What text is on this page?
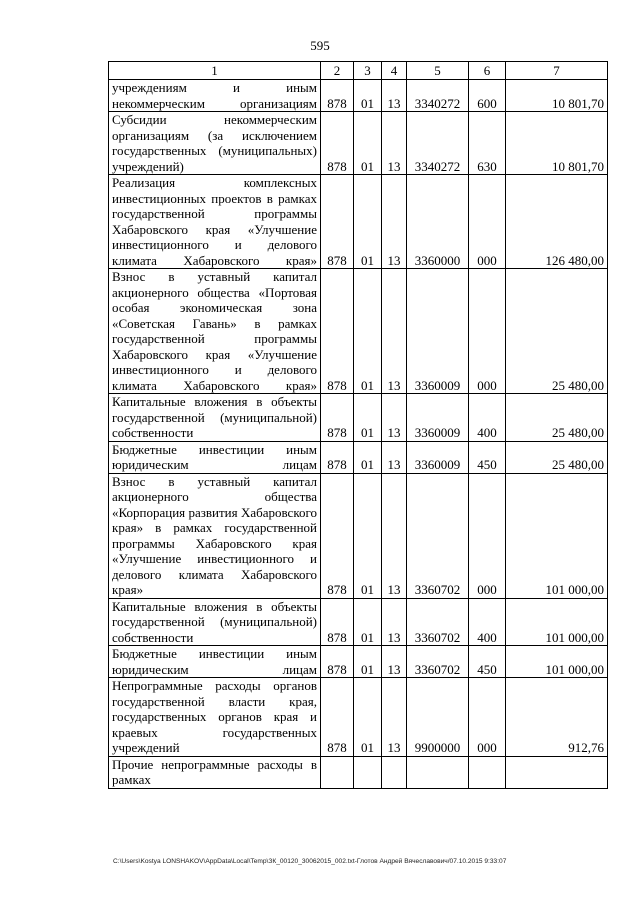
595
1	2	3	4	5	6	7
учреждениям и иным некоммерческим организациям	878	01	13	3340272	600	10 801,70
Субсидии некоммерческим организациям (за исключением государственных (муниципальных) учреждений)	878	01	13	3340272	630	10 801,70
Реализация комплексных инвестиционных проектов в рамках государственной программы Хабаровского края «Улучшение инвестиционного и делового климата Хабаровского края»	878	01	13	3360000	000	126 480,00
Взнос в уставный капитал акционерного общества «Портовая особая экономическая зона «Советская Гавань» в рамках государственной программы Хабаровского края «Улучшение инвестиционного и делового климата Хабаровского края»	878	01	13	3360009	000	25 480,00
Капитальные вложения в объекты государственной (муниципальной) собственности	878	01	13	3360009	400	25 480,00
Бюджетные инвестиции иным юридическим лицам	878	01	13	3360009	450	25 480,00
Взнос в уставный капитал акционерного общества «Корпорация развития Хабаровского края» в рамках государственной программы Хабаровского края «Улучшение инвестиционного и делового климата Хабаровского края»	878	01	13	3360702	000	101 000,00
Капитальные вложения в объекты государственной (муниципальной) собственности	878	01	13	3360702	400	101 000,00
Бюджетные инвестиции иным юридическим лицам	878	01	13	3360702	450	101 000,00
Непрограммные расходы органов государственной власти края, государственных органов края и краевых государственных учреждений	878	01	13	9900000	000	912,76
Прочие непрограммные расходы в рамках						
C:\Users\Kostya LONSHAKOV\AppData\Local\Temp\ЗК_00120_30062015_002.txt-Глотов Андрей Вячеславович/07.10.2015 9:33:07
